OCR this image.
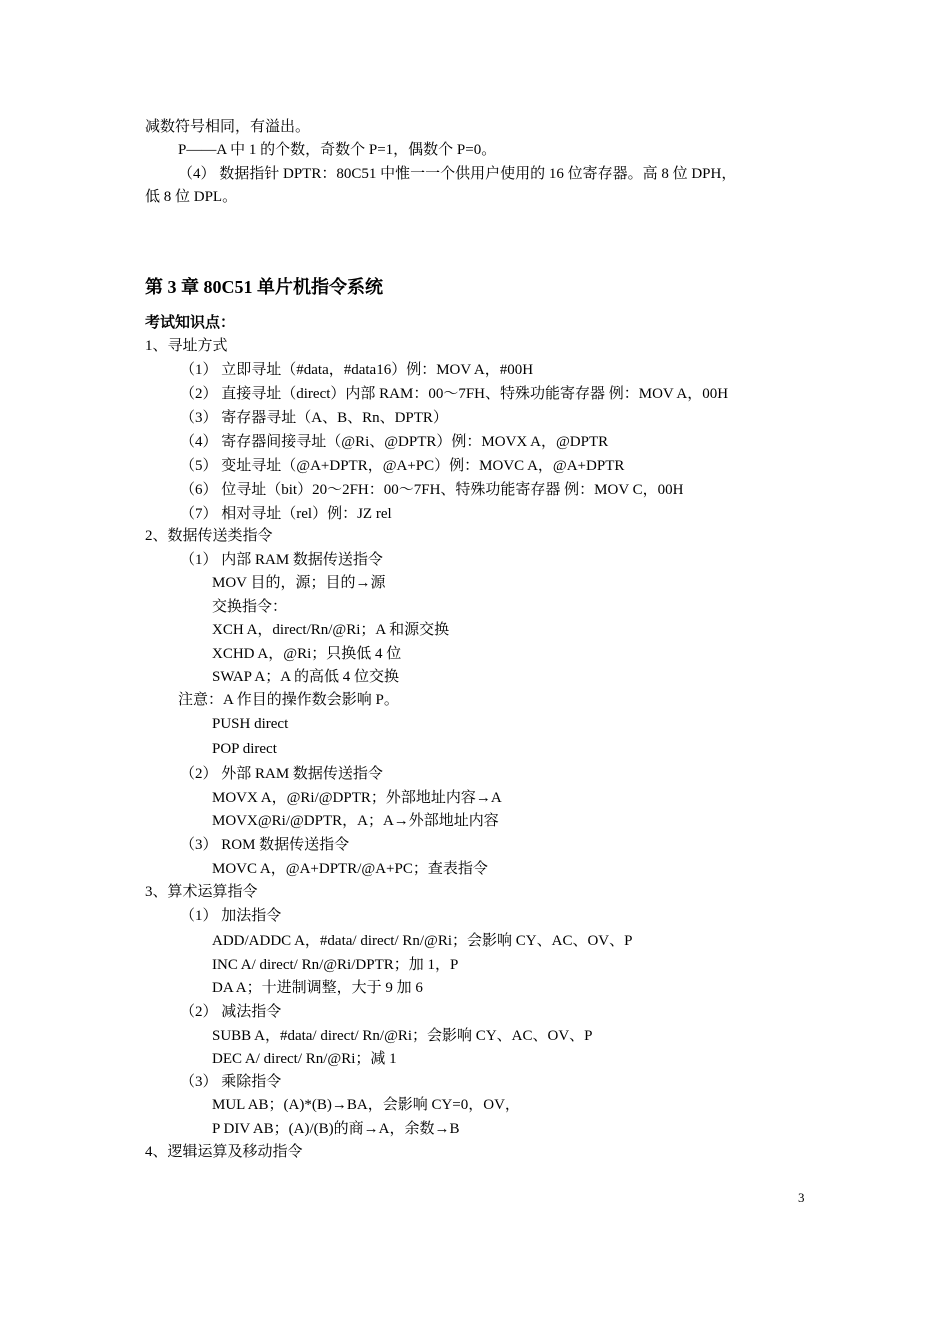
减数符号相同，有溢出。
P——A 中 1 的个数，奇数个 P=1，偶数个 P=0。
（4） 数据指针 DPTR：80C51 中惟一一个供用户使用的 16 位寄存器。高 8 位 DPH，
低 8 位 DPL。
第 3 章 80C51 单片机指令系统
考试知识点：
1、寻址方式
（1） 立即寻址（#data，#data16）例：MOV A，#00H
（2） 直接寻址（direct）内部 RAM：00～7FH、特殊功能寄存器 例：MOV A，00H
（3） 寄存器寻址（A、B、Rn、DPTR）
（4） 寄存器间接寻址（@Ri、@DPTR）例：MOVX A，@DPTR
（5） 变址寻址（@A+DPTR，@A+PC）例：MOVC A，@A+DPTR
（6） 位寻址（bit）20～2FH：00～7FH、特殊功能寄存器 例：MOV C，00H
（7） 相对寻址（rel）例：JZ rel
2、数据传送类指令
（1） 内部 RAM 数据传送指令
MOV 目的，源；目的→源
交换指令：
XCH A，direct/Rn/@Ri；A 和源交换
XCHD A，@Ri；只换低 4 位
SWAP A；A 的高低 4 位交换
注意：A 作目的操作数会影响 P。
PUSH direct
POP direct
（2） 外部 RAM 数据传送指令
MOVX A，@Ri/@DPTR；外部地址内容→A
MOVX@Ri/@DPTR，A；A→外部地址内容
（3） ROM 数据传送指令
MOVC A，@A+DPTR/@A+PC；查表指令
3、算术运算指令
（1） 加法指令
ADD/ADDC A，#data/ direct/ Rn/@Ri；会影响 CY、AC、OV、P
INC A/ direct/ Rn/@Ri/DPTR；加 1，P
DA A；十进制调整，大于 9 加 6
（2） 减法指令
SUBB A，#data/ direct/ Rn/@Ri；会影响 CY、AC、OV、P
DEC A/ direct/ Rn/@Ri；减 1
（3） 乘除指令
MUL AB；(A)*(B)→BA，会影响 CY=0，OV，
P DIV AB；(A)/(B)的商→A，余数→B
4、逻辑运算及移动指令
3
